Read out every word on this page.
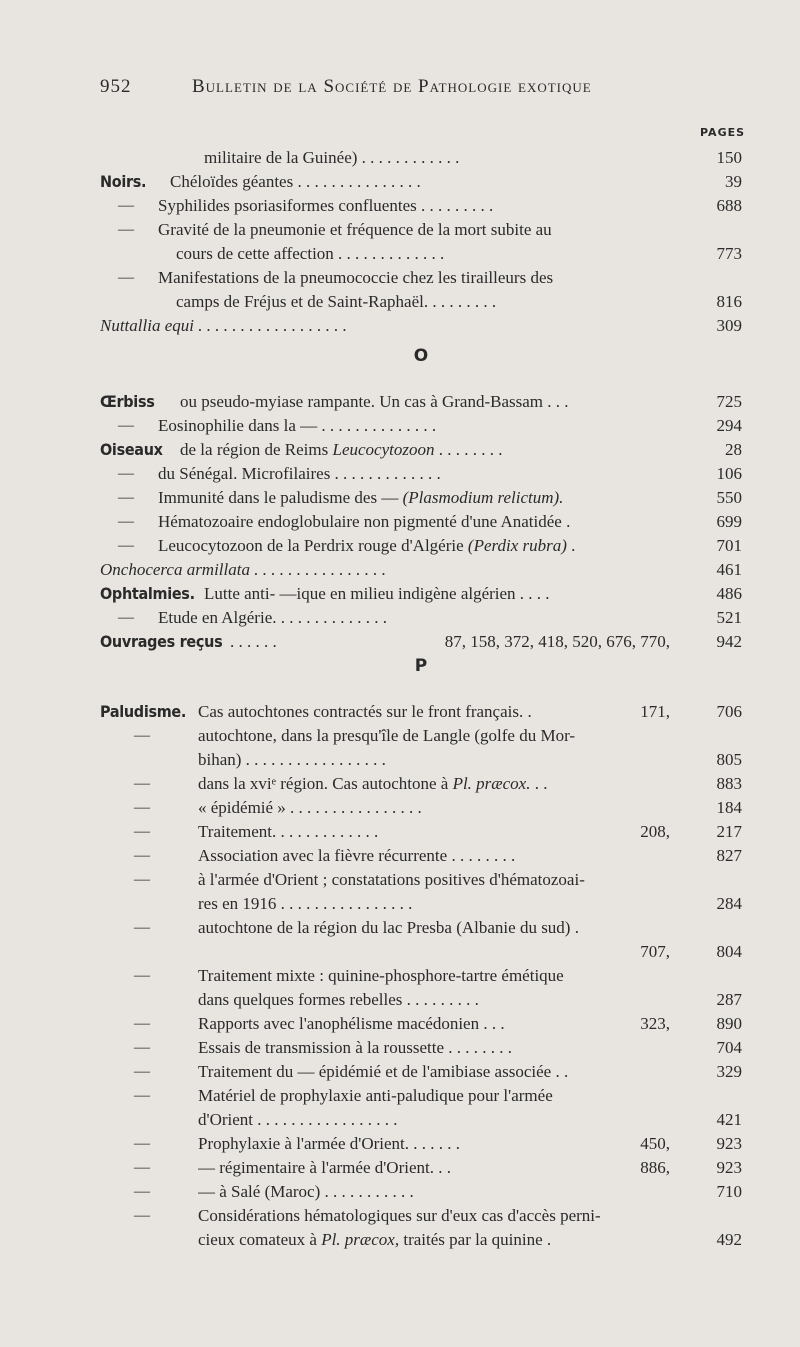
952	Bulletin de la Société de Pathologie exotique
PAGES
O
P
militaire de la Guinée) . . . . . . . . . . . .	150
Noirs. Chéloïdes géantes . . . . . . . . . . . . . . .	39
— Syphilides psoriasiformes confluentes . . . . . . . . .	688
— Gravité de la pneumonie et fréquence de la mort subite au
cours de cette affection . . . . . . . . . . . . .	773
— Manifestations de la pneumococcie chez les tirailleurs des
camps de Fréjus et de Saint-Raphaël. . . . . . . . .	816
Nuttallia equi . . . . . . . . . . . . . . . . . .	309
Œrbiss ou pseudo-myiase rampante. Un cas à Grand-Bassam . . .	725
— Eosinophilie dans la — . . . . . . . . . . . . . .	294
Oiseaux de la région de Reims Leucocytozoon . . . . . . . .	28
— du Sénégal. Microfilaires . . . . . . . . . . . . .	106
— Immunité dans le paludisme des — (Plasmodium relictum).	550
— Hématozoaire endoglobulaire non pigmenté d'une Anatidée .	699
— Leucocytozoon de la Perdrix rouge d'Algérie (Perdix rubra) .	701
Onchocerca armillata . . . . . . . . . . . . . . . .	461
Ophtalmies. Lutte anti- —ique en milieu indigène algérien . . . .	486
— Etude en Algérie. . . . . . . . . . . . . .	521
Ouvrages reçus . . . . . .	87, 158, 372, 418, 520, 676, 770,	942
Paludisme. Cas autochtones contractés sur le front français. .	171,	706
—	autochtone, dans la presqu'île de Langle (golfe du Mor-
bihan) . . . . . . . . . . . . . . . . .	805
—	dans la xviᵉ région. Cas autochtone à Pl. præcox. . .	883
—	« épidémié » . . . . . . . . . . . . . . . .	184
—	Traitement. . . . . . . . . . . . .	208,	217
—	Association avec la fièvre récurrente . . . . . . . .	827
—	à l'armée d'Orient ; constatations positives d'hématozoai-
res en 1916 . . . . . . . . . . . . . . . .	284
—	autochtone de la région du lac Presba (Albanie du sud) .
707,	804
—	Traitement mixte : quinine-phosphore-tartre émétique
dans quelques formes rebelles . . . . . . . . .	287
—	Rapports avec l'anophélisme macédonien . . .	323,	890
—	Essais de transmission à la roussette . . . . . . . .	704
—	Traitement du — épidémié et de l'amibiase associée . .	329
—	Matériel de prophylaxie anti-paludique pour l'armée
d'Orient . . . . . . . . . . . . . . . . .	421
—	Prophylaxie à l'armée d'Orient. . . . . . .	450,	923
—	— régimentaire à l'armée d'Orient. . .	886,	923
—	— à Salé (Maroc) . . . . . . . . . . .	710
—	Considérations hématologiques sur d'eux cas d'accès perni-
cieux comateux à Pl. præcox, traités par la quinine .	492
